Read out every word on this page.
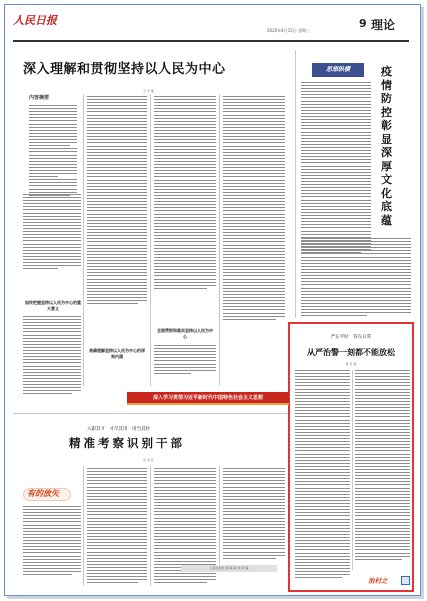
人民日报
2020年4月15日 星期三
9 理论
深入理解和贯彻坚持以人民为中心
王 学 维
内容摘要
始终把握坚持以人民为中心的重大意义
准确理解坚持以人民为中心的深刻内涵
全面贯彻和落实坚持以人民为中心
思想纵横	疫情防控彰显深厚文化底蕴
严在平时　管在日常
从严治警一刻都不能放松
周 忠 敏
治村之
深入学习贯彻习近平新时代中国特色社会主义思想
入职其才　才尽其用　用当其时
精准考察识别干部
吴 世 民
有的放矢
人民日报社 国 务 院 共 同 编
